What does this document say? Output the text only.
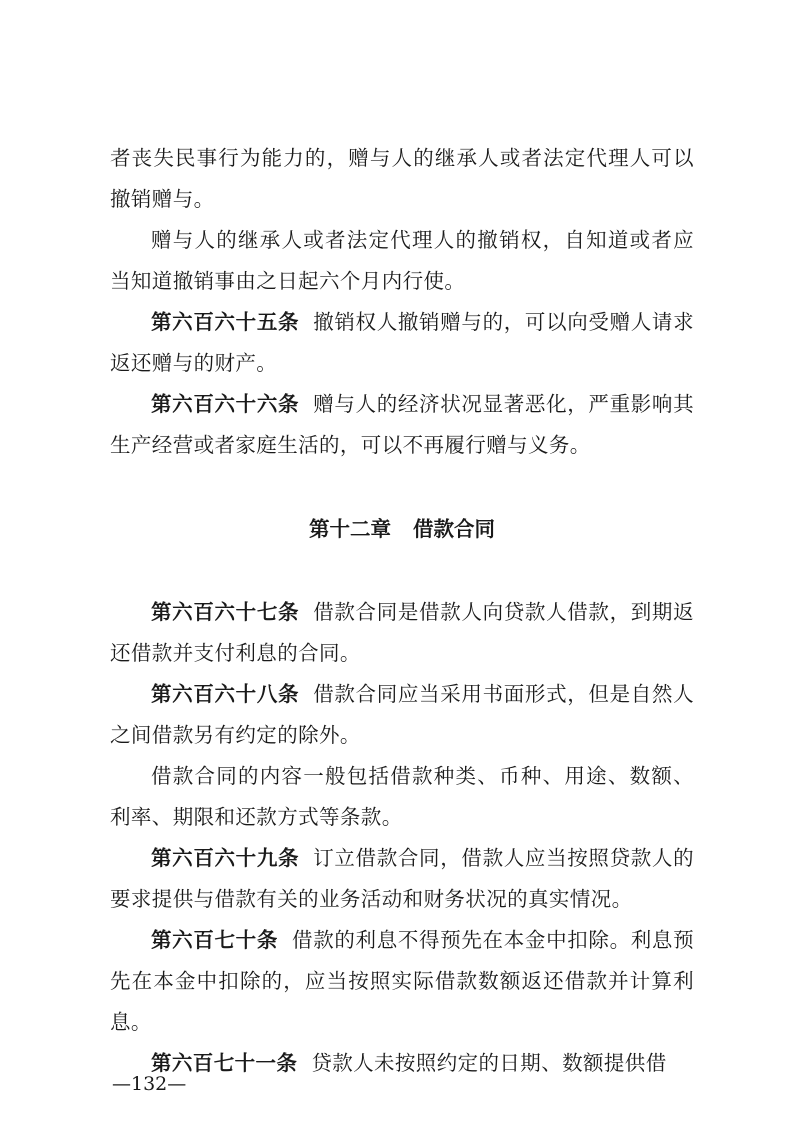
者丧失民事行为能力的，赠与人的继承人或者法定代理人可以撤销赠与。

赠与人的继承人或者法定代理人的撤销权，自知道或者应当知道撤销事由之日起六个月内行使。

第六百六十五条 撤销权人撤销赠与的，可以向受赠人请求返还赠与的财产。

第六百六十六条 赠与人的经济状况显著恶化，严重影响其生产经营或者家庭生活的，可以不再履行赠与义务。

第十二章 借款合同

第六百六十七条 借款合同是借款人向贷款人借款，到期返还借款并支付利息的合同。

第六百六十八条 借款合同应当采用书面形式，但是自然人之间借款另有约定的除外。

借款合同的内容一般包括借款种类、币种、用途、数额、利率、期限和还款方式等条款。

第六百六十九条 订立借款合同，借款人应当按照贷款人的要求提供与借款有关的业务活动和财务状况的真实情况。

第六百七十条 借款的利息不得预先在本金中扣除。利息预先在本金中扣除的，应当按照实际借款数额返还借款并计算利息。

第六百七十一条 贷款人未按照约定的日期、数额提供借

—132—
